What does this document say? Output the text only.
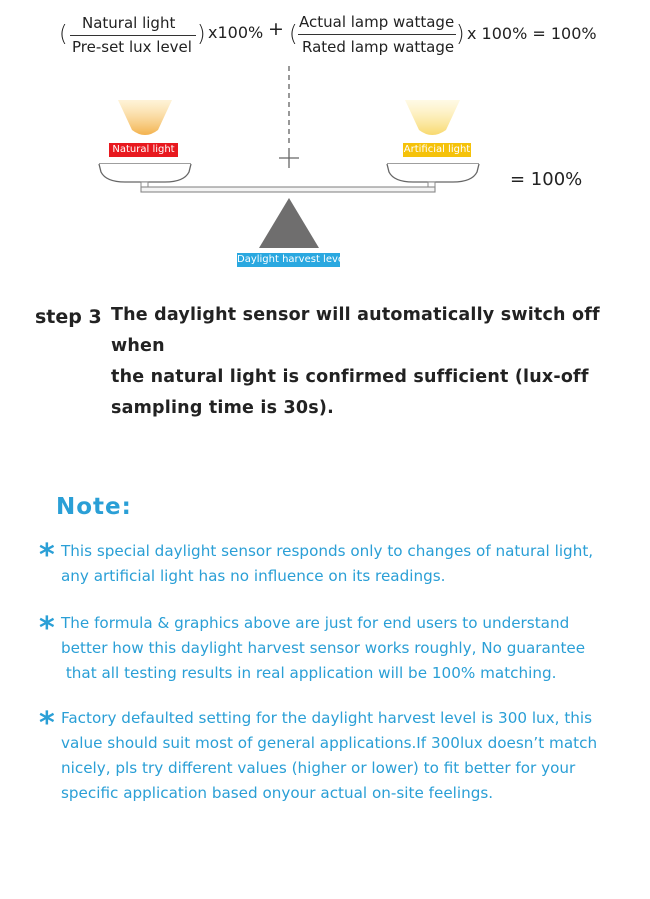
( Natural light
Pre-set lux level ) x100% + ( Actual lamp wattage
Rated lamp wattage ) x 100% = 100%
Natural light	Artificial light
Daylight harvest level
= 100%
step 3 The daylight sensor will automatically switch off when
the natural light is confirmed sufficient (lux-off
sampling time is 30s).
Note:
* This special daylight sensor responds only to changes of natural light,
any artificial light has no influence on its readings.
* The formula & graphics above are just for end users to understand
better how this daylight harvest sensor works roughly, No guarantee
that all testing results in real application will be 100% matching.
* Factory defaulted setting for the daylight harvest level is 300 lux, this
value should suit most of general applications.If 300lux doesn’t match
nicely, pls try different values (higher or lower) to fit better for your
specific application based onyour actual on-site feelings.
